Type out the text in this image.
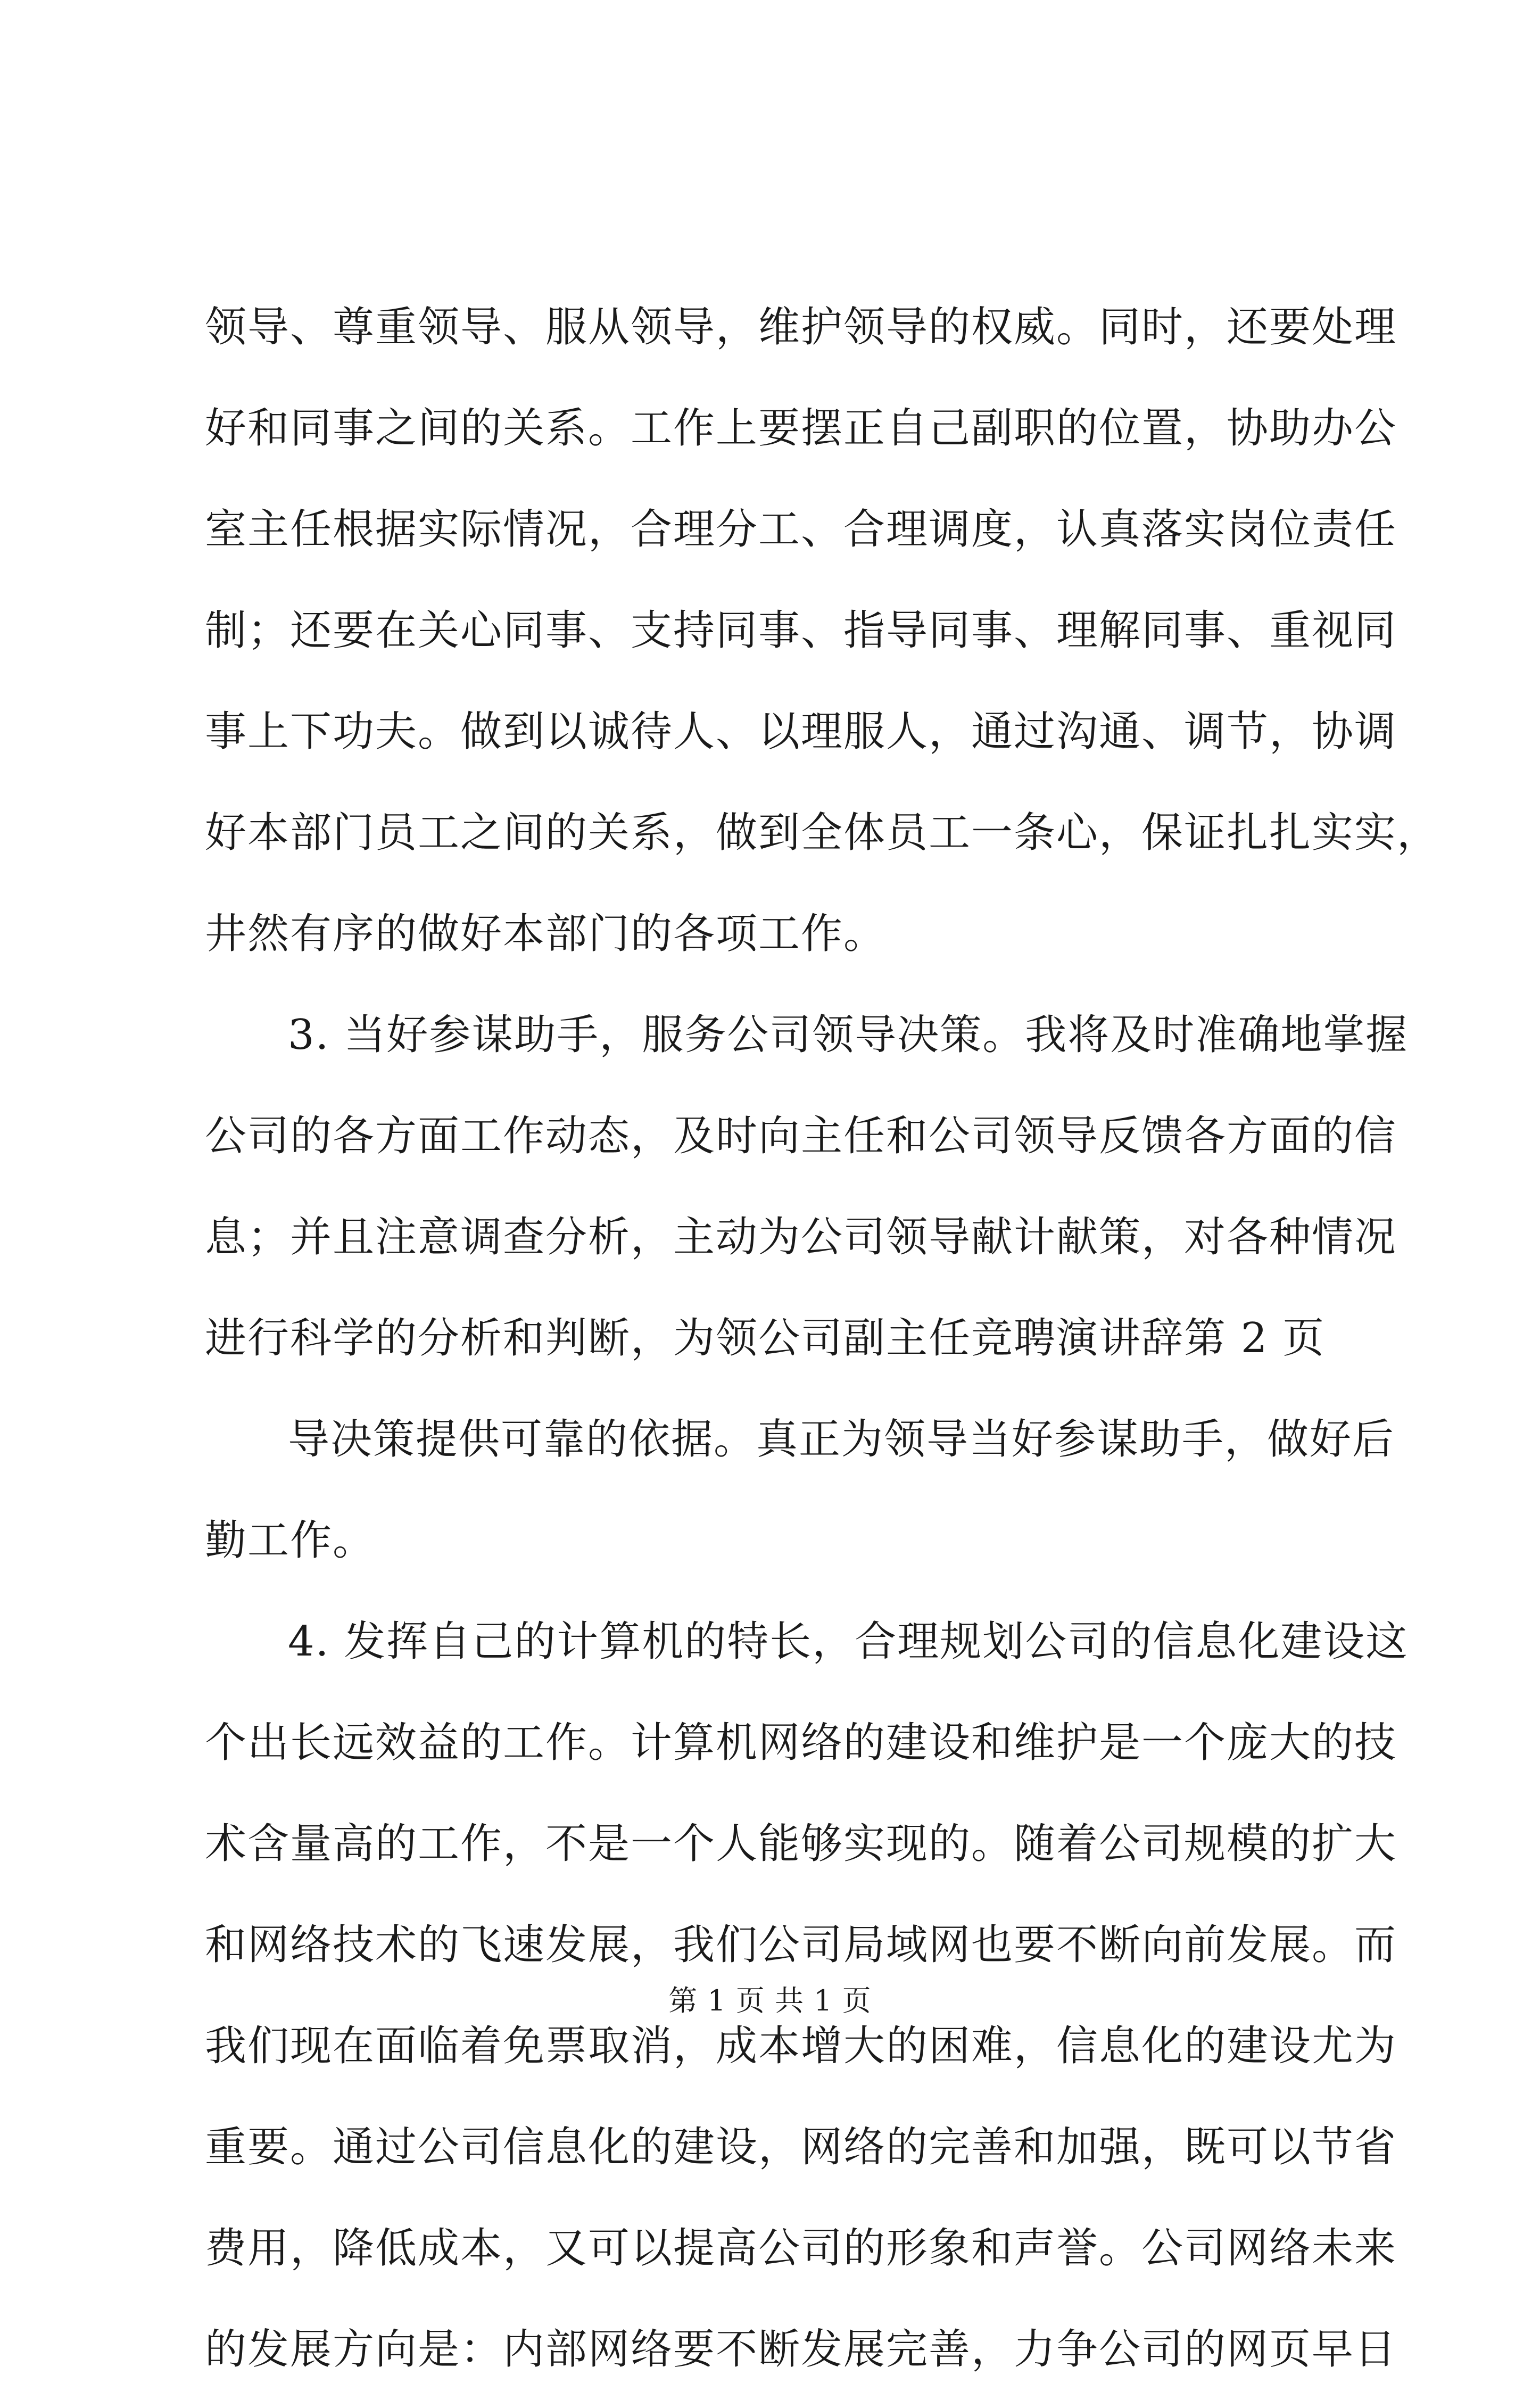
领导、尊重领导、服从领导，维护领导的权威。同时，还要处理
好和同事之间的关系。工作上要摆正自己副职的位置，协助办公
室主任根据实际情况，合理分工、合理调度，认真落实岗位责任
制；还要在关心同事、支持同事、指导同事、理解同事、重视同
事上下功夫。做到以诚待人、以理服人，通过沟通、调节，协调
好本部门员工之间的关系，做到全体员工一条心，保证扎扎实实，
井然有序的做好本部门的各项工作。
3. 当好参谋助手，服务公司领导决策。我将及时准确地掌握
公司的各方面工作动态，及时向主任和公司领导反馈各方面的信
息；并且注意调查分析，主动为公司领导献计献策，对各种情况
进行科学的分析和判断，为领公司副主任竞聘演讲辞第 2 页
导决策提供可靠的依据。真正为领导当好参谋助手，做好后
勤工作。
4. 发挥自己的计算机的特长，合理规划公司的信息化建设这
个出长远效益的工作。计算机网络的建设和维护是一个庞大的技
术含量高的工作，不是一个人能够实现的。随着公司规模的扩大
和网络技术的飞速发展，我们公司局域网也要不断向前发展。而
我们现在面临着免票取消，成本增大的困难，信息化的建设尤为
重要。通过公司信息化的建设，网络的完善和加强，既可以节省
费用，降低成本，又可以提高公司的形象和声誉。公司网络未来
的发展方向是：内部网络要不断发展完善，力争公司的网页早日
第 1 页 共 1 页
